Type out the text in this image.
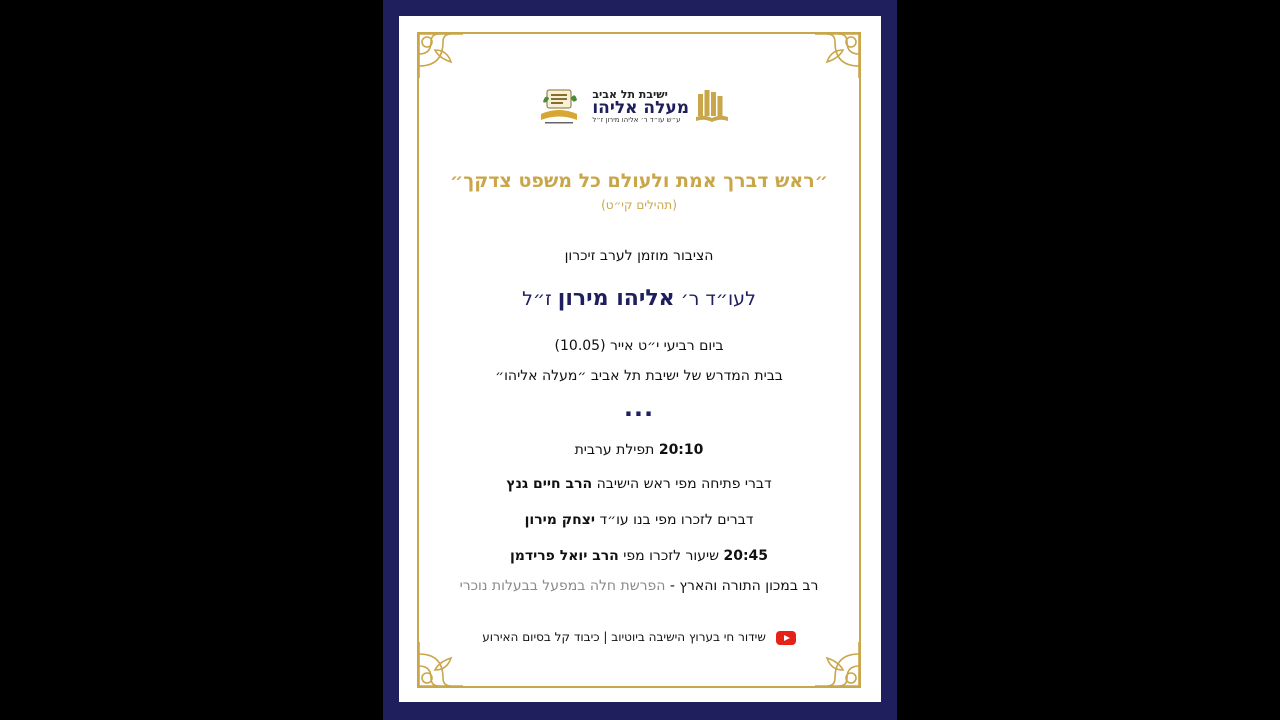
ישיבת תל אביב
מעלה אליהו
ע״ש עו״ד ר׳ אליהו מירון ז״ל
״ראש דברך אמת ולעולם כל משפט צדקך״
(תהילים קי״ט)
הציבור מוזמן לערב זיכרון
לעו״ד ר׳ אליהו מירון ז״ל
ביום רביעי י״ט אייר (10.05)
בבית המדרש של ישיבת תל אביב ״מעלה אליהו״
...
20:10 תפילת ערבית
דברי פתיחה מפי ראש הישיבה הרב חיים גנץ
דברים לזכרו מפי בנו עו״ד יצחק מירון
20:45 שיעור לזכרו מפי הרב יואל פרידמן
רב במכון התורה והארץ - הפרשת חלה במפעל בבעלות נוכרי
שידור חי בערוץ הישיבה ביוטיוב | כיבוד קל בסיום האירוע
